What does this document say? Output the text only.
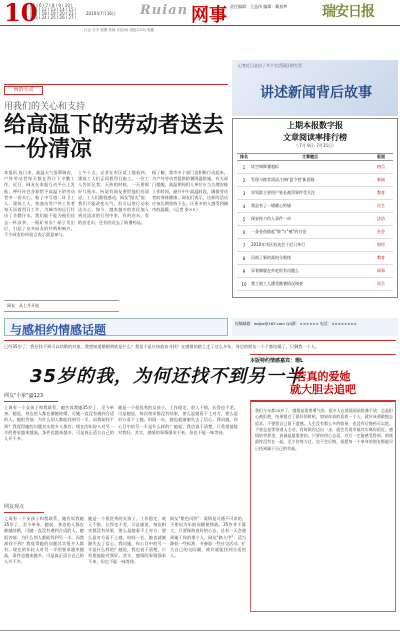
10
| 5 | 6 | 7 | 8 | 9 | 10 |
| 11 | 12 | 13 | 14 | 15 |
| 17 | 18 | 19 | 20 | 21 |
| 23 | 24 | 25 | 26 | 27 |
2010年7月16日 Ruian 网事 责任编辑：王益伟 编辑：戴春梦	瑞安日报
日志 分享 相册 转载 评论(0) 浏览(123) 收藏
网情互动
用我们的关心和支持
给高温下的劳动者送去一份清凉
本报讯 连日来，高温天气笼罩瑞安，户外劳动者每天都在烈日下辛勤工作。近日，网友在本报互动平台上发帖，呼吁社会各界给予高温下的劳动者多一份关心。帖子中写道：环卫工人、建筑工人、快递员等户外工作者每天顶着烈日工作，为城市的运行付出了辛勤汗水。我们能不能为他们送去一杯凉茶、一瓶矿泉水？帖子发出后，引起了众多网友的共鸣和响应。不少网友纷纷留言表示愿意参与。
上午十点，记者在市区某工地看到，建筑工人们正顶着烈日施工。一位工人告诉记者，天热的时候，一天要喝好几瓶水。听说有网友要给他们送清凉，工人们都很感动。网友"阳光"说：我们不能改变天气，但可以用行动表达关心。如今，越来越多的市民加入到送清凉的行列中来，有的送水，有的送毛巾，还有的送去了防暑药品。
据了解，我市多个部门也积极行动起来，为户外劳动者提供防暑降温措施。有关部门提醒，高温期间用人单位应当合理安排工作时间，避开中午高温时段，确保劳动者的身体健康。网友们表示，这样的活动应该长期坚持下去，让更多的人感受到城市的温暖。（记者 张××）
记者近日走访了多个生活园区的生活
讲述新闻背后故事
上期本报数字报
文章阅读率排行榜
（ 7月 9日- 7月15日）
排名	文章题目	版面
1	试空调降暑超标	热点
2	发现与推荐清凉,打响'夏令营'新思路	新闻
3	辱骂群主要用户家长被罚事件受关注	教育
4	我县有了一堵暖心的墙	民生
5	保安持刀伤人事件一审	法治
6	一条金鱼掀起"换"与"被"的讨论	社会
7	2010年市区拍卖会于近日举行	财经
8	河南了新的高校分数线	教育
9	穿着制服在外吃饭有问题么	网事
10	我工地工人遭受酷暑情况调查	综合
网友：从七月开始
与感相约情感话题	投稿邮箱：wsjbz@163.com QQ群：×××××× 电话：××××××××
已经35岁了，我还找不到可以结婚的对象，我想知道婚姻到底是什么？我是不是应该放弃寻找？在感情的路上走了这么多年，身边的朋友一个个都结婚了，只剩我一个人。
35岁的我，为何还找不到另一半
网友"小象"@123
上周有一个女孩子和我联系，她告诉我她35岁了，至今单身。她说，身边的人都在催她结婚，可她一直没有遇到合适的人。她很苦恼：为什么别人都能找到另一半，而我却找不到？我觉得她的问题其实很多人都有。现在的年轻人对另一半的要求越来越高，条件也越来越多，可是真正适合自己的人并不多。
她是一个很优秀的女孩子，工作稳定，收入不错，长得也不差。可是她说，每次相亲都没有结果，要么是她看不上对方，要么是对方看不上她。时间一长，她也就渐渐失去了信心。我问她，你心目中的另一半是什么样的？她说，我也说不清楚，只希望他能对我好。其实，感情的事情强求不来，但也不能一味等待。
网友观点
上周有一个女孩子和我联系，她告诉我她35岁了，至今单身。她说，身边的人都在催她结婚，可她一直没有遇到合适的人。她很苦恼：为什么别人都能找到另一半，而我却找不到？我觉得她的问题其实很多人都有。现在的年轻人对另一半的要求越来越高，条件也越来越多，可是真正适合自己的人并不多。
她是一个很优秀的女孩子，工作稳定，收入不错，长得也不差。可是她说，每次相亲都没有结果，要么是她看不上对方，要么是对方看不上她。时间一长，她也就渐渐失去了信心。我问她，你心目中的另一半是什么样的？她说，我也说不清楚，只希望他能对我好。其实，感情的事情强求不来，但也不能一味等待。
网友"紫色风铃"：爱情是可遇不可求的，不要因为年龄而随便将就。35岁并不算大，只要保持良好的心态，总有一天会遇到属于你的那个人。网友"路人甲"：适当降低一些标准，多参加一些社交活动，扩大自己的交际圈，或许就能找到合适的人。
本版特约情感嘉宾：珊L
若真的爱她
就大胆去追吧
我们今年都35岁了，感情是需要勇气的。很多人在爱情面前犹豫不决，总是担心被拒绝，结果错过了最好的时机。如果你真的喜欢一个人，就应该勇敢地去追求，不要给自己留下遗憾。人生没有那么多的如果，也没有后悔药可以吃。不要总是等待别人主动，有时候你迈出一步，就会发现幸福其实离你很近。感情的世界里，真诚是最重要的。只要你用心去爱，对方一定能感受得到。即使最终没有在一起，至少你努力过，也不会后悔。祝愿每一个单身的朋友都能早日找到属于自己的幸福。
